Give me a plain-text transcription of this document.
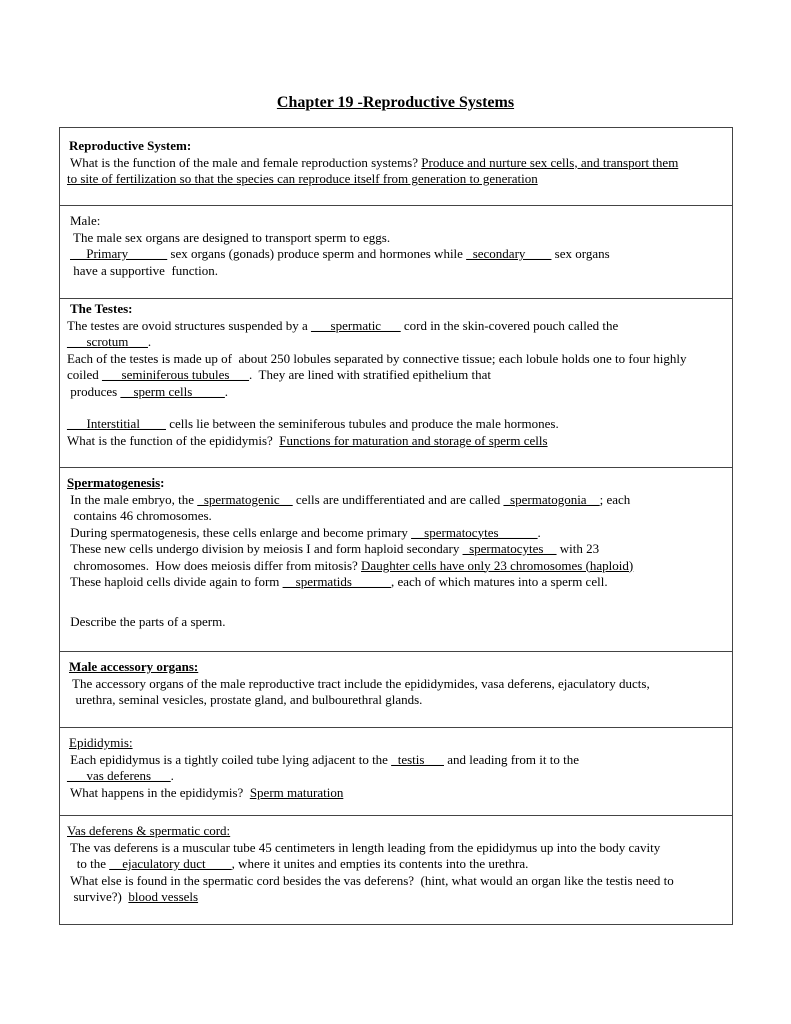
Chapter 19 -Reproductive Systems
Reproductive System:
What is the function of the male and female reproduction systems? Produce and nurture sex cells, and transport them
to site of fertilization so that the species can reproduce itself from generation to generation
Male:
The male sex organs are designed to transport sperm to eggs.
__Primary______ sex organs (gonads) produce sperm and hormones while _secondary____ sex organs
have a supportive  function.
The Testes:
The testes are ovoid structures suspended by a ___spermatic___ cord in the skin-covered pouch called the
___scrotum___.
Each of the testes is made up of  about 250 lobules separated by connective tissue; each lobule holds one to four highly
coiled ___seminiferous tubules___.  They are lined with stratified epithelium that
produces __sperm cells_____.
___Interstitial____ cells lie between the seminiferous tubules and produce the male hormones.
What is the function of the epididymis?  Functions for maturation and storage of sperm cells
Spermatogenesis:
In the male embryo, the _spermatogenic__ cells are undifferentiated and are called _spermatogonia__; each
contains 46 chromosomes.
During spermatogenesis, these cells enlarge and become primary __spermatocytes______.
These new cells undergo division by meiosis I and form haploid secondary _spermatocytes__ with 23
chromosomes.  How does meiosis differ from mitosis? Daughter cells have only 23 chromosomes (haploid)
These haploid cells divide again to form __spermatids______, each of which matures into a sperm cell.
Describe the parts of a sperm.
Male accessory organs:
The accessory organs of the male reproductive tract include the epididymides, vasa deferens, ejaculatory ducts,
urethra, seminal vesicles, prostate gland, and bulbourethral glands.
Epididymis:
Each epididymus is a tightly coiled tube lying adjacent to the _testis___ and leading from it to the
___vas deferens___.
What happens in the epididymis?  Sperm maturation
Vas deferens & spermatic cord:
The vas deferens is a muscular tube 45 centimeters in length leading from the epididymus up into the body cavity
to the __ejaculatory duct____, where it unites and empties its contents into the urethra.
What else is found in the spermatic cord besides the vas deferens?  (hint, what would an organ like the testis need to
survive?)  blood vessels
